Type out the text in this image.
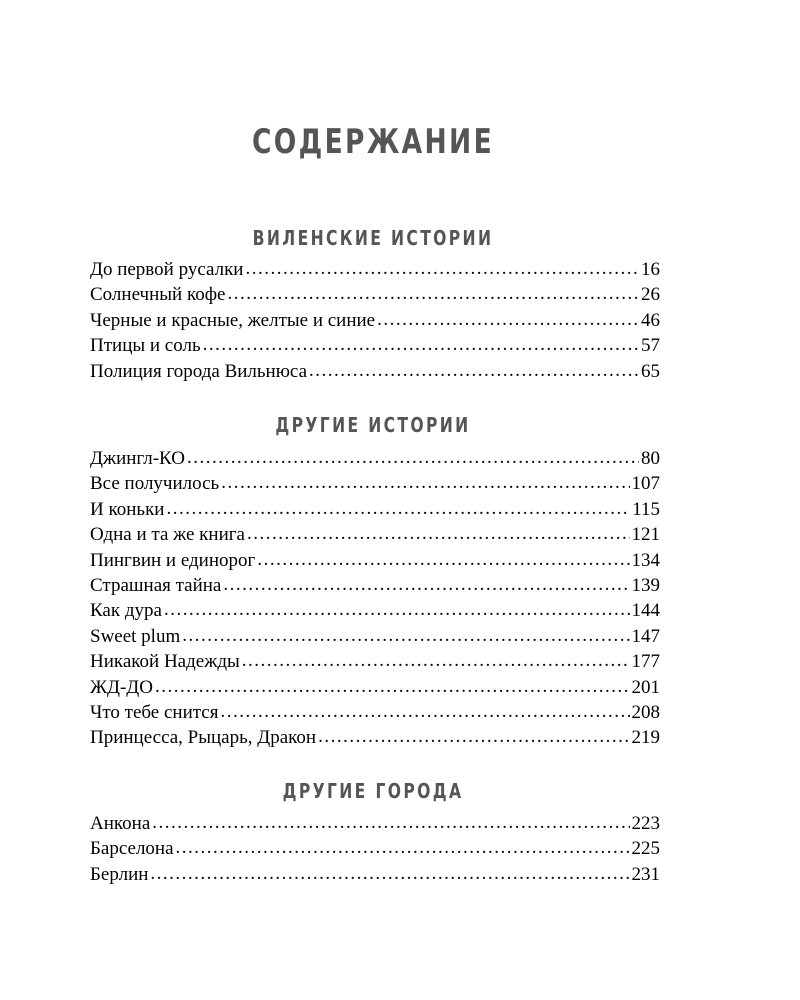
СОДЕРЖАНИЕ
ВИЛЕНСКИЕ ИСТОРИИ
До первой русалки .....	16
Солнечный кофе .....	26
Черные и красные, желтые и синие .....	46
Птицы и соль .....	57
Полиция города Вильнюса .....	65
ДРУГИЕ ИСТОРИИ
Джингл-КО .....	80
Все получилось .....	107
И коньки .....	115
Одна и та же книга .....	121
Пингвин и единорог .....	134
Страшная тайна .....	139
Как дура .....	144
Sweet plum .....	147
Никакой Надежды .....	177
ЖД-ДО .....	201
Что тебе снится .....	208
Принцесса, Рыцарь, Дракон .....	219
ДРУГИЕ ГОРОДА
Анкона .....	223
Барселона .....	225
Берлин .....	231
